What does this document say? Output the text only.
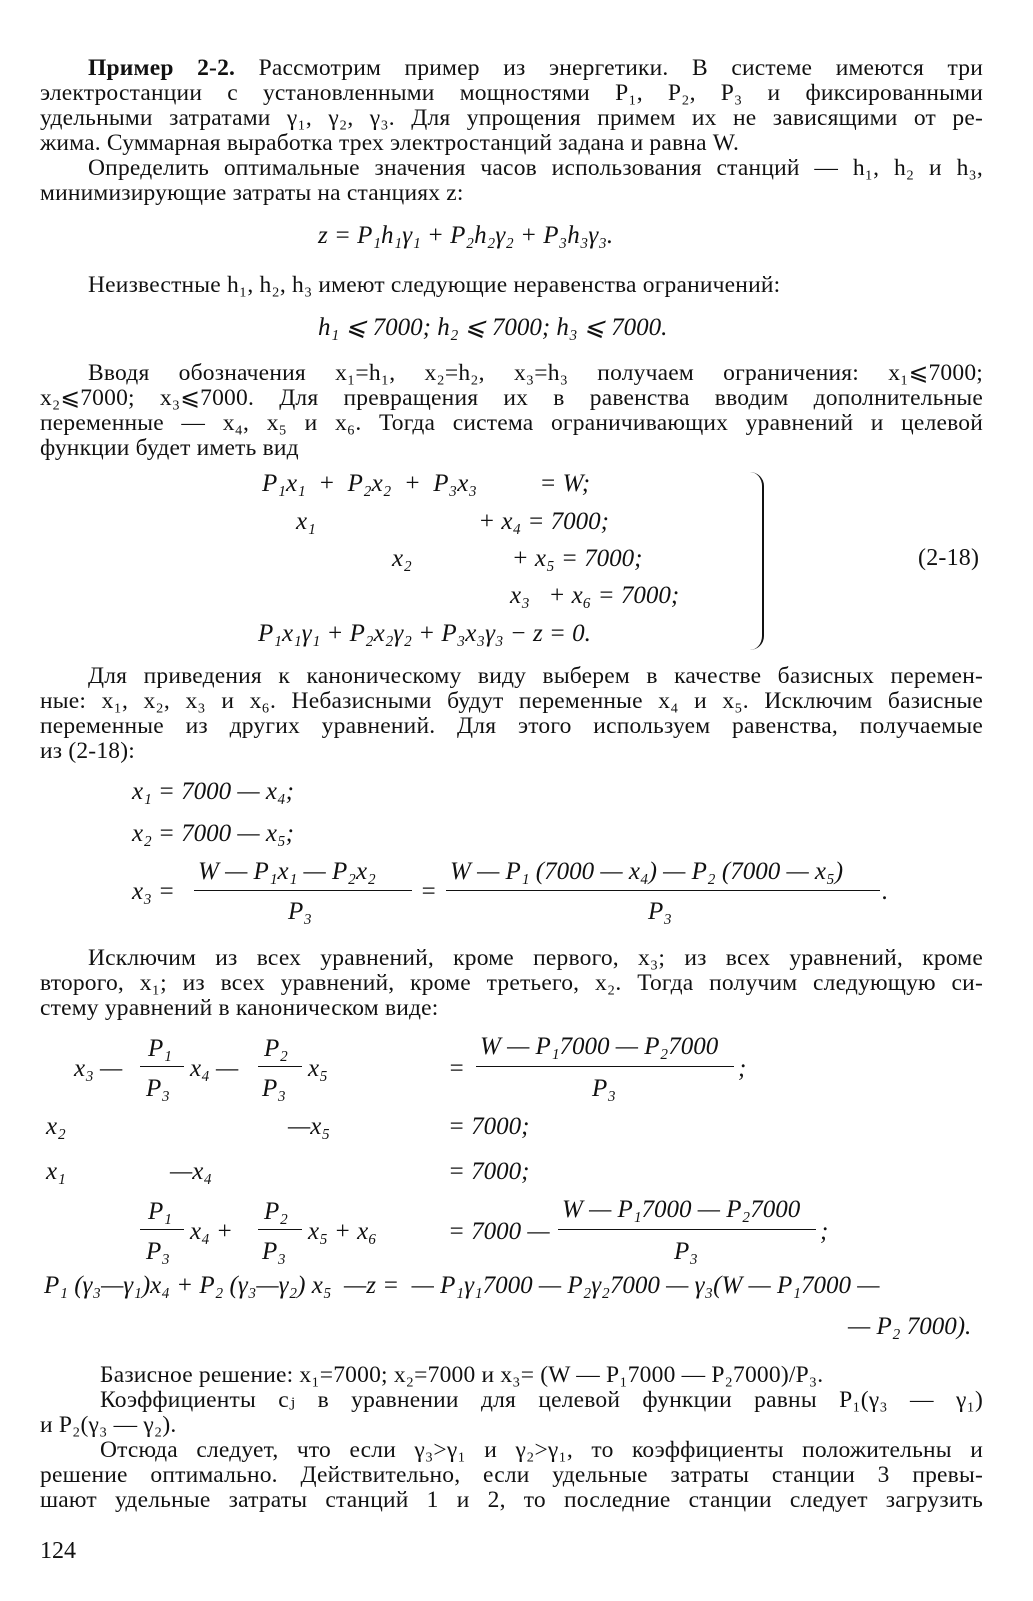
Пример 2-2. Рассмотрим пример из энергетики. В системе имеются три
электростанции с установленными мощностями P₁, P₂, P₃ и фиксированными
удельными затратами γ₁, γ₂, γ₃. Для упрощения примем их не зависящими от ре-
жима. Суммарная выработка трех электростанций задана и равна W.
Определить оптимальные значения часов использования станций — h₁, h₂ и h₃,
минимизирующие затраты на станциях z:
z = P₁h₁γ₁ + P₂h₂γ₂ + P₃h₃γ₃.
Неизвестные h₁, h₂, h₃ имеют следующие неравенства ограничений:
h₁ ⩽ 7000; h₂ ⩽ 7000; h₃ ⩽ 7000.
Вводя обозначения x₁=h₁, x₂=h₂, x₃=h₃ получаем ограничения: x₁⩽7000;
x₂⩽7000; x₃⩽7000. Для превращения их в равенства вводим дополнительные
переменные — x₄, x₅ и x₆. Тогда система ограничивающих уравнений и целевой
функции будет иметь вид
P₁x₁  +  P₂x₂  +  P₃x₃          = W;
x₁                          + x₄ = 7000;
x₂                + x₅ = 7000;
x₃   + x₆ = 7000;
P₁x₁γ₁ + P₂x₂γ₂ + P₃x₃γ₃ − z = 0.
(2-18)
Для приведения к каноническому виду выберем в качестве базисных перемен-
ные: x₁, x₂, x₃ и x₆. Небазисными будут переменные x₄ и x₅. Исключим базисные
переменные из других уравнений. Для этого используем равенства, получаемые
из (2-18):
x₁ = 7000 — x₄;
x₂ = 7000 — x₅;
x₃ =
W — P₁x₁ — P₂x₂
P₃
=
W — P₁ (7000 — x₄) — P₂ (7000 — x₅)
P₃
.
Исключим из всех уравнений, кроме первого, x₃; из всех уравнений, кроме
второго, x₁; из всех уравнений, кроме третьего, x₂. Тогда получим следующую си-
стему уравнений в каноническом виде:
x₃ —
P₁
P₃
x₄ —
P₂
P₃
x₅	=
W — P₁7000 — P₂7000
P₃
;
x₂	—x₅	= 7000;
x₁	—x₄	= 7000;
P₁
P₃
x₄ +
P₂
P₃
x₅ + x₆	= 7000 —
W — P₁7000 — P₂7000
P₃
;
P₁ (γ₃—γ₁)x₄ + P₂ (γ₃—γ₂) x₅  —z =  — P₁γ₁7000 — P₂γ₂7000 — γ₃(W — P₁7000 —
— P₂ 7000).
Базисное решение: x₁=7000; x₂=7000 и x₃= (W — P₁7000 — P₂7000)/P₃.
Коэффициенты cⱼ в уравнении для целевой функции равны P₁(γ₃ — γ₁)
и P₂(γ₃ — γ₂).
Отсюда следует, что если γ₃>γ₁ и γ₂>γ₁, то коэффициенты положительны и
решение оптимально. Действительно, если удельные затраты станции 3 превы-
шают удельные затраты станций 1 и 2, то последние станции следует загрузить
124
